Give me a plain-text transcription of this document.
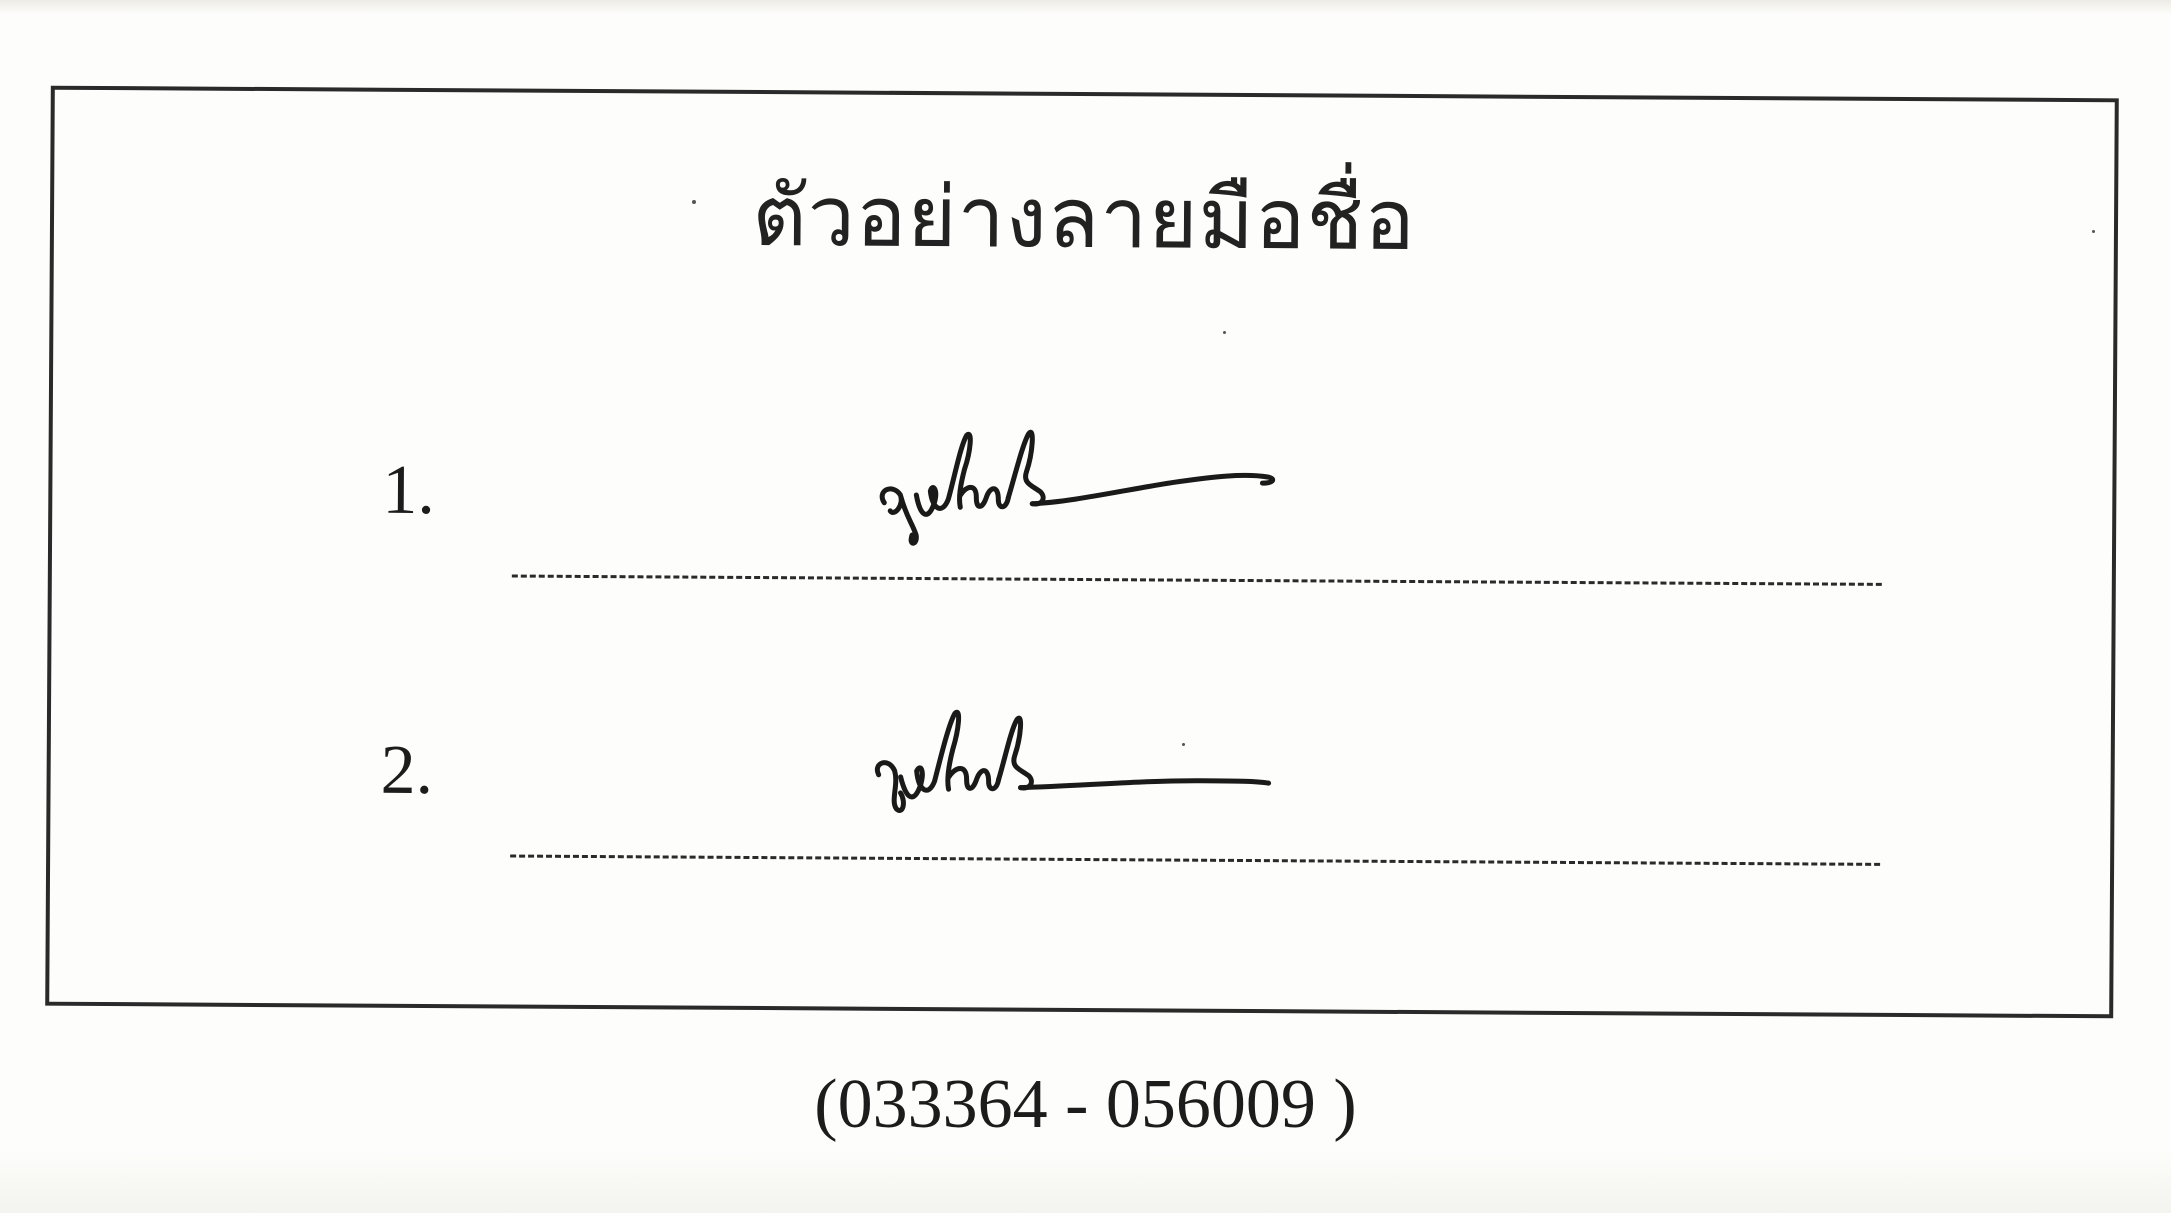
ตัวอย่างลายมือชื่อ
1.
2.
(033364 - 056009 )
